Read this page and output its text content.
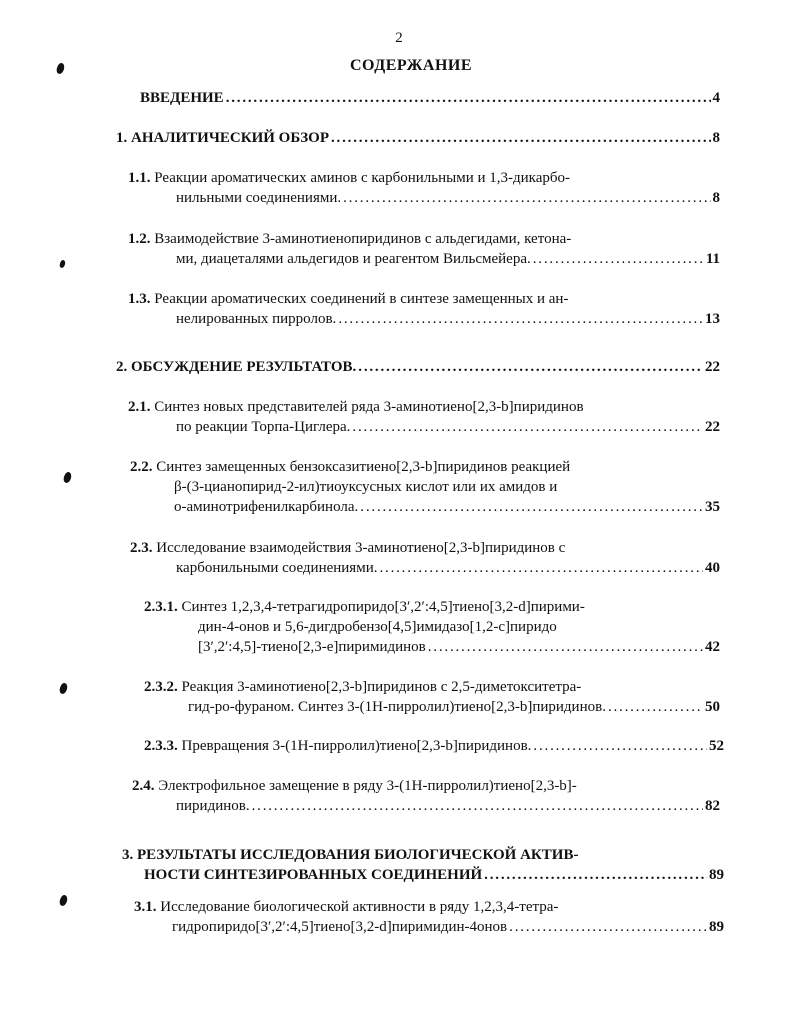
2
СОДЕРЖАНИЕ
ВВЕДЕНИЕ .....	4
1. АНАЛИТИЧЕСКИЙ ОБЗОР .....	8
1.1. Реакции ароматических аминов с карбонильными и 1,3-дикарбо-
нильными соединениями. .....	8
1.2. Взаимодействие 3-аминотиенопиридинов с альдегидами, кетона-
ми, диацеталями альдегидов и реагентом Вильсмейера. .....	11
1.3. Реакции ароматических соединений в синтезе замещенных и ан-
нелированных пирролов. .....	13
2. ОБСУЖДЕНИЕ РЕЗУЛЬТАТОВ. .....	22
2.1. Синтез новых представителей ряда 3-аминотиено[2,3-b]пиридинов
по реакции Торпа-Циглера. .....	22
2.2. Синтез замещенных бензоксазитиено[2,3-b]пиридинов реакцией
β-(3-цианопирид-2-ил)тиоуксусных кислот или их амидов и
о-аминотрифенилкарбинола. .....	35
2.3. Исследование взаимодействия 3-аминотиено[2,3-b]пиридинов с
карбонильными соединениями. .....	40
2.3.1. Синтез 1,2,3,4-тетрагидропиридо[3′,2′:4,5]тиено[3,2-d]пирими-
дин-4-онов и 5,6-дигдробензо[4,5]имидазо[1,2-c]пиридо
[3′,2′:4,5]-тиено[2,3-e]пиримидинов .....	42
2.3.2. Реакция 3-аминотиено[2,3-b]пиридинов с 2,5-диметокситетра-
гид-ро-фураном. Синтез 3-(1Н-пирролил)тиено[2,3-b]пиридинов. .....	50
2.3.3. Превращения 3-(1Н-пирролил)тиено[2,3-b]пиридинов. .....	52
2.4. Электрофильное замещение в ряду 3-(1Н-пирролил)тиено[2,3-b]-
пиридинов. .....	82
3. РЕЗУЛЬТАТЫ ИССЛЕДОВАНИЯ БИОЛОГИЧЕСКОЙ АКТИВ-
НОСТИ СИНТЕЗИРОВАННЫХ СОЕДИНЕНИЙ .....	89
3.1. Исследование биологической активности в ряду 1,2,3,4-тетра-
гидропиридо[3′,2′:4,5]тиено[3,2-d]пиримидин-4онов .....	89
